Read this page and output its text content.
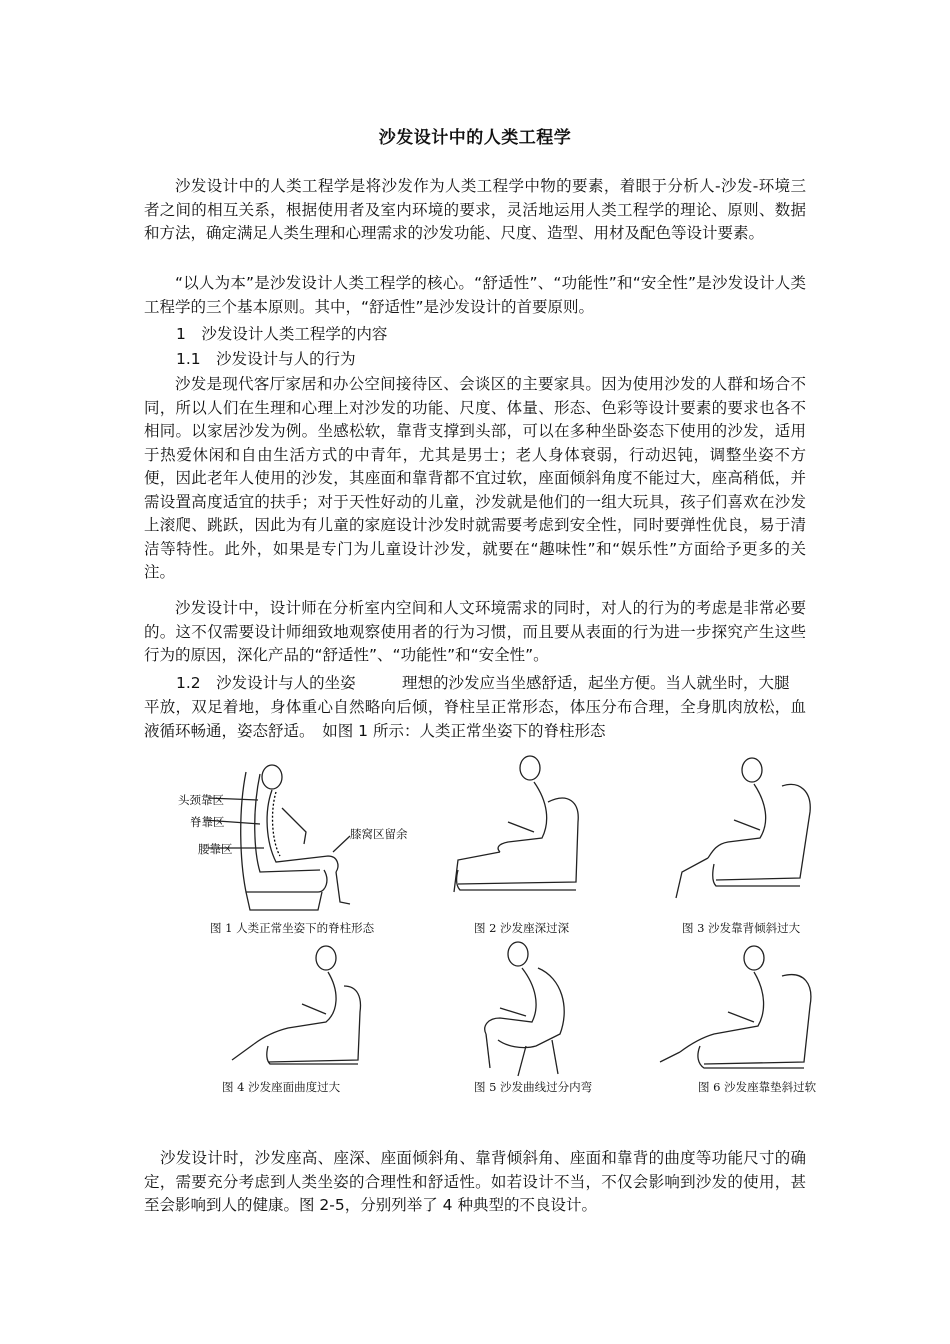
沙发设计中的人类工程学

沙发设计中的人类工程学是将沙发作为人类工程学中物的要素，着眼于分析人-沙发-环境三者之间的相互关系，根据使用者及室内环境的要求，灵活地运用人类工程学的理论、原则、数据和方法，确定满足人类生理和心理需求的沙发功能、尺度、造型、用材及配色等设计要素。

“以人为本”是沙发设计人类工程学的核心。“舒适性”、“功能性”和“安全性”是沙发设计人类工程学的三个基本原则。其中，“舒适性”是沙发设计的首要原则。

1　沙发设计人类工程学的内容
1.1　沙发设计与人的行为

沙发是现代客厅家居和办公空间接待区、会谈区的主要家具。因为使用沙发的人群和场合不同，所以人们在生理和心理上对沙发的功能、尺度、体量、形态、色彩等设计要素的要求也各不相同。以家居沙发为例。坐感松软，靠背支撑到头部，可以在多种坐卧姿态下使用的沙发，适用于热爱休闲和自由生活方式的中青年，尤其是男士；老人身体衰弱，行动迟钝，调整坐姿不方便，因此老年人使用的沙发，其座面和靠背都不宜过软，座面倾斜角度不能过大，座高稍低，并需设置高度适宜的扶手；对于天性好动的儿童，沙发就是他们的一组大玩具，孩子们喜欢在沙发上滚爬、跳跃，因此为有儿童的家庭设计沙发时就需要考虑到安全性，同时要弹性优良，易于清洁等特性。此外，如果是专门为儿童设计沙发，就要在“趣味性”和“娱乐性”方面给予更多的关注。

沙发设计中，设计师在分析室内空间和人文环境需求的同时，对人的行为的考虑是非常必要的。这不仅需要设计师细致地观察使用者的行为习惯，而且要从表面的行为进一步探究产生这些行为的原因，深化产品的“舒适性”、“功能性”和“安全性”。

1.2　沙发设计与人的坐姿	理想的沙发应当坐感舒适，起坐方便。当人就坐时，大腿

平放，双足着地，身体重心自然略向后倾，脊柱呈正常形态，体压分布合理，全身肌肉放松，血液循环畅通，姿态舒适。　如图 1 所示：人类正常坐姿下的脊柱形态

头颈靠区
脊靠区
腰靠区
膝窝区留余
图 1 人类正常坐姿下的脊柱形态	图 2 沙发座深过深	图 3 沙发靠背倾斜过大
图 4 沙发座面曲度过大	图 5 沙发曲线过分内弯	图 6 沙发座靠垫斜过软

沙发设计时，沙发座高、座深、座面倾斜角、靠背倾斜角、座面和靠背的曲度等功能尺寸的确定，需要充分考虑到人类坐姿的合理性和舒适性。如若设计不当，不仅会影响到沙发的使用，甚至会影响到人的健康。图 2-5，分别列举了 4 种典型的不良设计。
